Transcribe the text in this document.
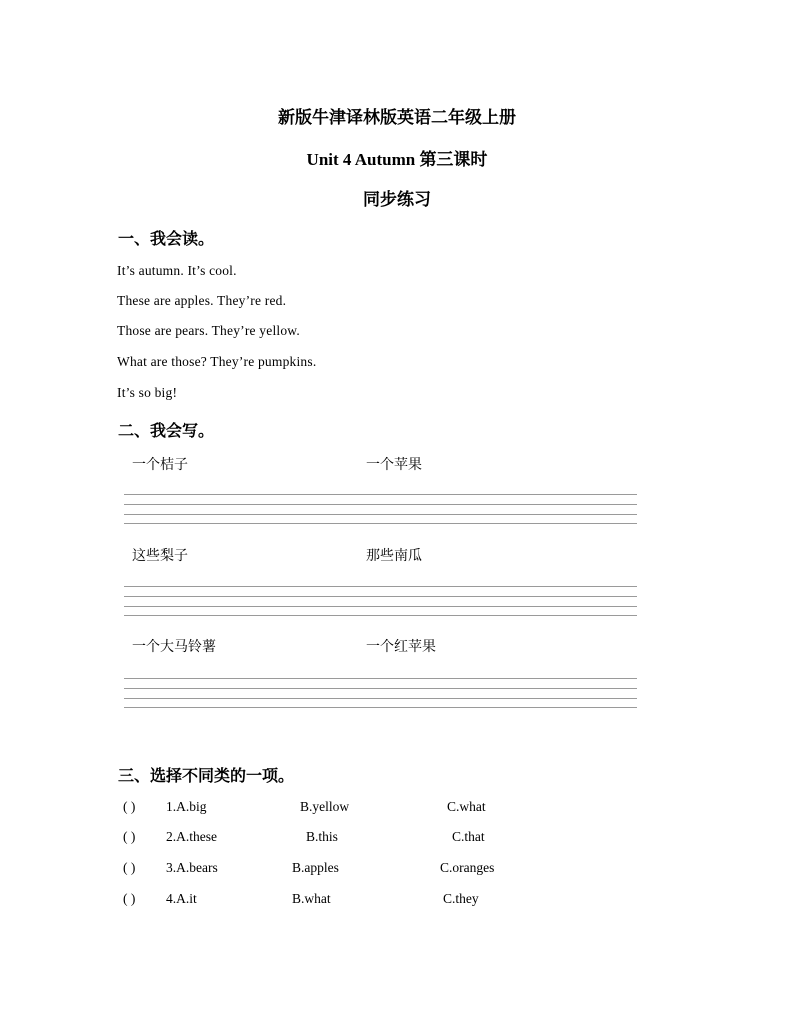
新版牛津译林版英语二年级上册
Unit 4 Autumn 第三课时
同步练习
一、我会读。
It’s autumn. It’s cool.
These are apples. They’re red.
Those are pears. They’re yellow.
What are those? They’re pumpkins.
It’s so big!
二、我会写。
一个桔子	一个苹果
这些梨子	那些南瓜
一个大马铃薯	一个红苹果
三、选择不同类的一项。
( ) 1.A.big	B.yellow	C.what
( ) 2.A.these	B.this	C.that
( ) 3.A.bears	B.apples	C.oranges
( ) 4.A.it	B.what	C.they
